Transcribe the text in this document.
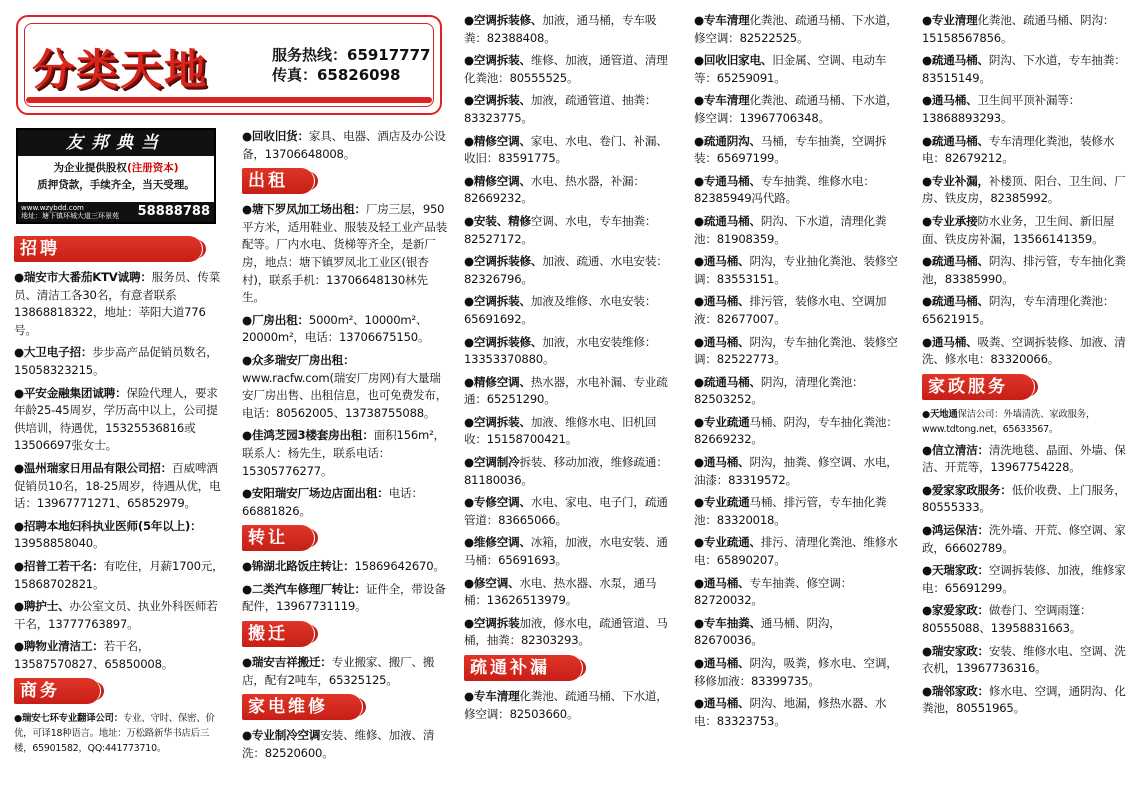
分类天地	服务热线：65917777
传真：65826098
友邦典当
为企业提供股权(注册资本)
质押贷款，手续齐全，当天受理。
www.wzybdd.com
地址：塘下镇环城大道三环景苑 58888788
招聘
●瑞安市大番茄KTV诚聘：服务员、传菜员、清洁工各30名，有意者联系13868818322，地址：莘阳大道776号。
●大卫电子招：步步高产品促销员数名，15058323215。
●平安金融集团诚聘：保险代理人，要求年龄25-45周岁，学历高中以上，公司提供培训，待遇优，15325536816或13506697张女士。
●温州瑞家日用品有限公司招：百威啤酒促销员10名，18-25周岁，待遇从优，电话：13967771271、65852979。
●招聘本地妇科执业医师(5年以上)：13958858040。
●招普工若干名：有吃住，月薪1700元，15868702821。
●聘护士、办公室文员、执业外科医师若干名，13777763897。
●聘物业清洁工：若干名，13587570827、65850008。
商务
●瑞安七环专业翻译公司：专业、守时、保密、价优，可译18种语言。地址：万松路新华书店后三楼，65901582，QQ:441773710。
●回收旧货：家具、电器、酒店及办公设备，13706648008。
出租
●塘下罗凤加工场出租：厂房三层，950平方米，适用鞋业、服装及轻工业产品装配等。厂内水电、货梯等齐全，是新厂房，地点：塘下镇罗凤北工业区(银杏村)，联系手机：13706648130林先生。
●厂房出租：5000m²、10000m²、20000m²，电话：13706675150。
●众多瑞安厂房出租：www.racfw.com(瑞安厂房网)有大量瑞安厂房出售、出租信息，也可免费发布，电话：80562005、13738755088。
●佳鸿芝园3楼套房出租：面积156m²，联系人：杨先生，联系电话：15305776277。
●安阳瑞安厂场边店面出租：电话：66881826。
转让
●锦湖北路饭庄转让：15869642670。
●二类汽车修理厂转让：证件全，带设备配件，13967731119。
搬迁
●瑞安吉祥搬迁：专业搬家、搬厂、搬店，配有2吨车，65325125。
家电维修
●专业制冷空调安装、维修、加液、清洗：82520600。
●空调拆装修、加液，通马桶，专车吸粪：82388408。
●空调拆装、维修、加液，通管道、清理化粪池：80555525。
●空调拆装、加液，疏通管道、抽粪：83323775。
●精修空调、家电、水电、卷门、补漏、收旧：83591775。
●精修空调、水电、热水器，补漏：82669232。
●安装、精修空调、水电，专车抽粪：82527172。
●空调拆装修、加液、疏通、水电安装：82326796。
●空调拆装、加液及维修、水电安装：65691692。
●空调拆装修、加液，水电安装维修：13353370880。
●精修空调、热水器，水电补漏、专业疏通：65251290。
●空调拆装、加液、维修水电、旧机回收：15158700421。
●空调制冷拆装、移动加液，维修疏通：81180036。
●专修空调、水电、家电、电子门，疏通管道：83665066。
●维修空调、冰箱，加液，水电安装、通马桶：65691693。
●修空调、水电、热水器、水泵，通马桶：13626513979。
●空调拆装加液，修水电，疏通管道、马桶，抽粪：82303293。
疏通补漏
●专车清理化粪池、疏通马桶、下水道，修空调：82503660。
●专车清理化粪池、疏通马桶、下水道，修空调：82522525。
●回收旧家电、旧金属、空调、电动车等：65259091。
●专车清理化粪池、疏通马桶、下水道，修空调：13967706348。
●疏通阴沟、马桶，专车抽粪，空调拆装：65697199。
●专通马桶、专车抽粪、维修水电：82385949冯代路。
●疏通马桶、阴沟、下水道，清理化粪池：81908359。
●通马桶、阴沟，专业抽化粪池、装修空调：83553151。
●通马桶、排污管，装修水电、空调加液：82677007。
●通马桶、阴沟，专车抽化粪池、装修空调：82522773。
●疏通马桶、阴沟，清理化粪池：82503252。
●专业疏通马桶、阴沟，专车抽化粪池：82669232。
●通马桶、阴沟，抽粪、修空调、水电，油漆：83319572。
●专业疏通马桶、排污管，专车抽化粪池：83320018。
●专业疏通、排污、清理化粪池、维修水电：65890207。
●通马桶、专车抽粪、修空调：82720032。
●专车抽粪、通马桶、阴沟，82670036。
●通马桶、阴沟，吸粪，修水电、空调，移修加液：83399735。
●通马桶、阴沟、地漏，修热水器、水电：83323753。
●专业清理化粪池、疏通马桶、阴沟：15158567856。
●疏通马桶、阴沟、下水道，专车抽粪：83515149。
●通马桶、卫生间平顶补漏等：13868893293。
●疏通马桶、专车清理化粪池，装修水电：82679212。
●专业补漏，补楼顶、阳台、卫生间、厂房、铁皮房，82385992。
●专业承接防水业务，卫生间、新旧屋面、铁皮房补漏，13566141359。
●疏通马桶、阴沟、排污管，专车抽化粪池，83385990。
●疏通马桶、阴沟，专车清理化粪池：65621915。
●通马桶、吸粪、空调拆装修、加液、清洗、修水电：83320066。
家政服务
●天地通保洁公司：外墙清洗、家政服务，www.tdtong.net，65633567。
●信立清洁：清洗地毯、晶面、外墙、保洁、开荒等，13967754228。
●爱家家政服务：低价收费、上门服务，80555333。
●鸿运保洁：洗外墙、开荒、修空调、家政，66602789。
●天瑞家政：空调拆装修、加液，维修家电：65691299。
●家爱家政：做卷门、空调雨篷：80555088、13958831663。
●瑞安家政：安装、维修水电、空调、洗衣机，13967736316。
●瑞邻家政：修水电、空调，通阴沟、化粪池，80551965。
